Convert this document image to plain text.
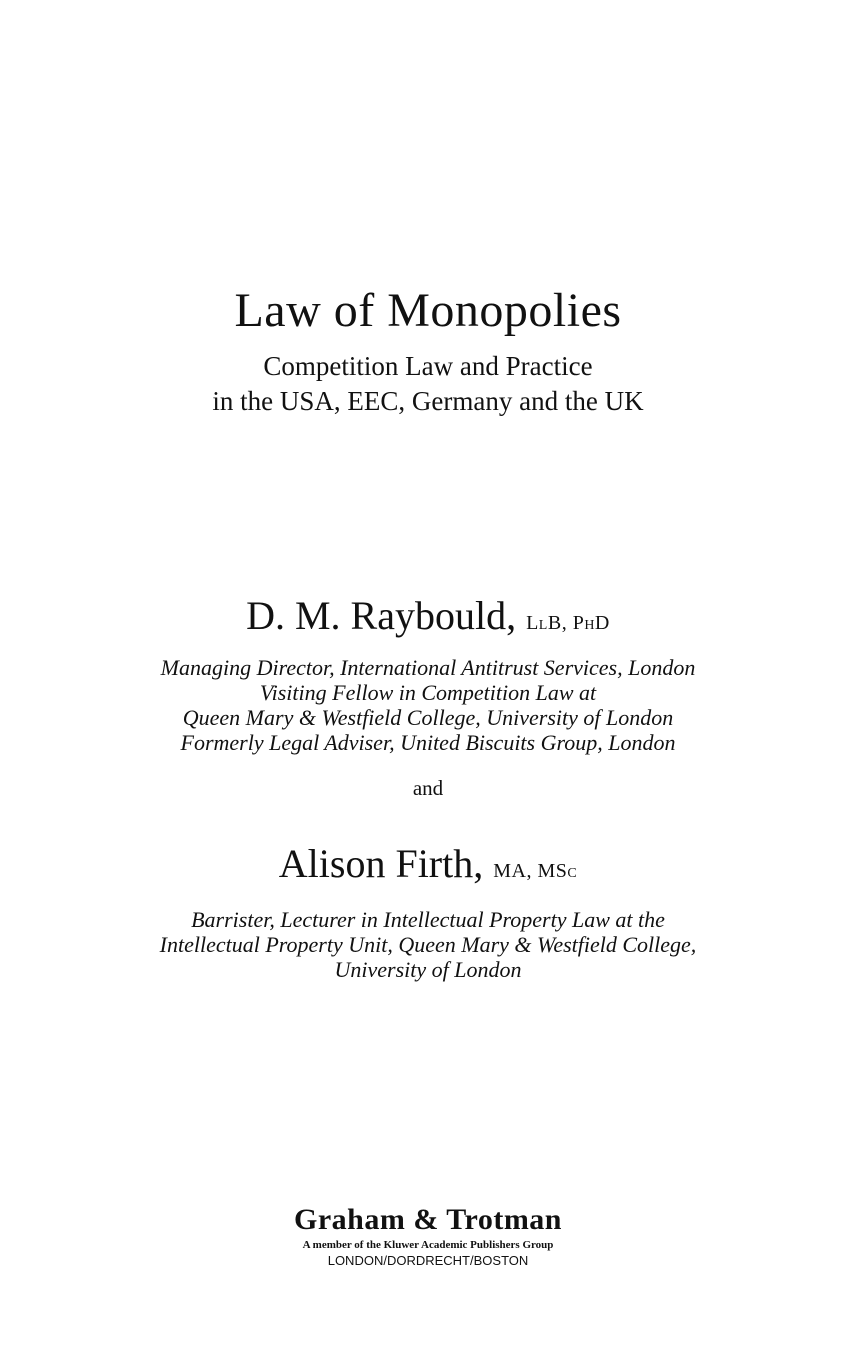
Law of Monopolies
Competition Law and Practice
in the USA, EEC, Germany and the UK
D. M. Raybould, LlB, PhD
Managing Director, International Antitrust Services, London
Visiting Fellow in Competition Law at
Queen Mary & Westfield College, University of London
Formerly Legal Adviser, United Biscuits Group, London
and
Alison Firth, MA, MSc
Barrister, Lecturer in Intellectual Property Law at the
Intellectual Property Unit, Queen Mary & Westfield College,
University of London
Graham & Trotman
A member of the Kluwer Academic Publishers Group
LONDON/DORDRECHT/BOSTON
